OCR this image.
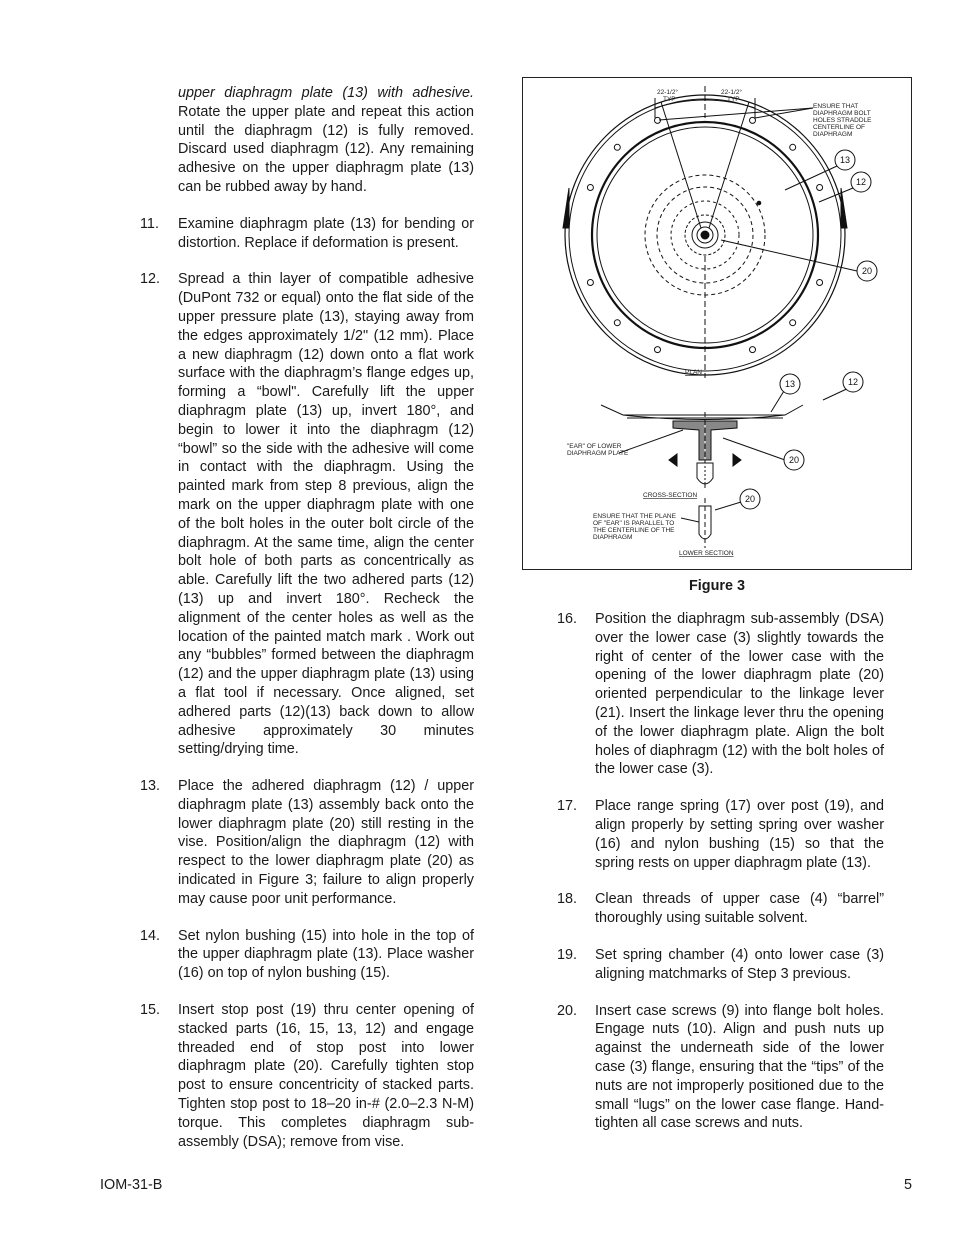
upper diaphragm plate (13) with adhesive. Rotate the upper plate and repeat this action until the diaphragm (12) is fully removed. Discard used diaphragm (12). Any remaining adhesive on the upper diaphragm plate (13) can be rubbed away by hand.
11.	Examine diaphragm plate (13) for bending or distortion. Replace if deformation is present.
12.	Spread a thin layer of compatible adhesive (DuPont 732 or equal) onto the flat side of the upper pressure plate (13), staying away from the edges approximately 1/2" (12 mm). Place a new diaphragm (12) down onto a flat work surface with the diaphragm’s flange edges up, forming a “bowl". Carefully lift the upper diaphragm plate (13) up, invert 180°, and begin to lower it into the diaphragm (12) “bowl” so the side with the adhesive will come in contact with the diaphragm. Using the painted mark from step 8 previous, align the mark on the upper diaphragm plate with one of the bolt holes in the outer bolt circle of the diaphragm. At the same time, align the center bolt hole of both parts as concentrically as able. Carefully lift the two adhered parts (12)(13) up and invert 180°. Recheck the alignment of the center holes as well as the location of the painted match mark . Work out any “bubbles” formed between the diaphragm (12) and the upper diaphragm plate (13) using a flat tool if necessary. Once aligned, set adhered parts (12)(13) back down to allow adhesive approximately 30 minutes setting/drying time.
13.	Place the adhered diaphragm (12) / upper diaphragm plate (13) assembly back onto the lower diaphragm plate (20) still resting in the vise. Position/align the diaphragm (12) with respect to the lower diaphragm plate (20) as indicated in Figure 3; failure to align properly may cause poor unit performance.
14.	Set nylon bushing (15) into hole in the top of the upper diaphragm plate (13). Place washer (16) on top of nylon bushing (15).
15.	Insert stop post (19) thru center opening of stacked parts (16, 15, 13, 12) and engage threaded end of stop post into lower diaphragm plate (20). Carefully tighten stop post to ensure concentricity of stacked parts. Tighten stop post to 18–20 in-# (2.0–2.3 N-M) torque. This completes diaphragm sub-assembly (DSA); remove from vise.
22-1/2°
TYP
22-1/2°
TYP
ENSURE THAT
DIAPHRAGM BOLT
HOLES STRADDLE
CENTERLINE OF
DIAPHRAGM
13
12
20
13	12
20
20
PLAN
"EAR" OF LOWER
DIAPHRAGM PLATE
CROSS-SECTION
ENSURE THAT THE PLANE
OF "EAR" IS PARALLEL TO
THE CENTERLINE OF THE
DIAPHRAGM
LOWER SECTION
Figure 3
16.	Position the diaphragm sub-assembly (DSA) over the lower case (3) slightly towards the right of center of the lower case with the opening of the lower diaphragm plate (20) oriented perpendicular to the linkage lever (21). Insert the linkage lever thru the opening of the lower diaphragm plate. Align the bolt holes of diaphragm (12) with the bolt holes of the lower case (3).
17.	Place range spring (17) over post (19), and align properly by setting spring over washer (16) and nylon bushing (15) so that the spring rests on upper diaphragm plate (13).
18.	Clean threads of upper case (4) “barrel” thoroughly using suitable solvent.
19.	Set spring chamber (4) onto lower case (3) aligning matchmarks of Step 3 previous.
20.	Insert case screws (9) into flange bolt holes. Engage nuts (10). Align and push nuts up against the underneath side of the lower case (3) flange, ensuring that the “tips” of the nuts are not improperly positioned due to the small “lugs” on the lower case flange. Hand-tighten all case screws and nuts.
IOM-31-B	5
